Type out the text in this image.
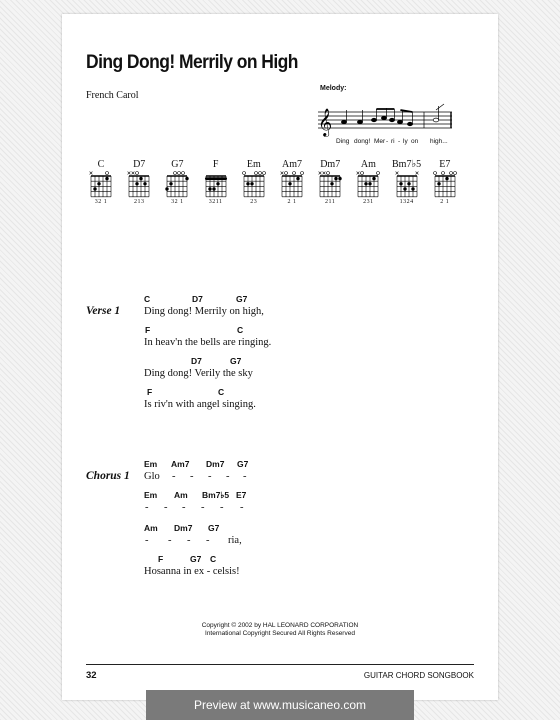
Ding Dong! Merrily on High
French Carol
𝄞
Melody:
Ding dong! Mer - ri - ly on high...
C
32 1
D7
213
G7
32 1
F
3211
Em
23
Am7
2 1
Dm7
211
Am
231
Bm7♭5
1324
E7
2 1
Verse 1
C	D7	G7
Ding dong! Merrily on high,
F	C
In heav'n the bells are ringing.
D7	G7
Ding dong! Verily the sky
F	C
Is riv'n with angel singing.
Chorus 1
Em Am7 Dm7 G7
Glo - - - - -
Em Am Bm7♭5 E7
- - - - - -
Am Dm7 G7
- - - - ria,
F	G7 C
Hosanna in ex - celsis!
Copyright © 2002 by HAL LEONARD CORPORATION
International Copyright Secured All Rights Reserved
32	GUITAR CHORD SONGBOOK
Preview at www.musicaneo.com
